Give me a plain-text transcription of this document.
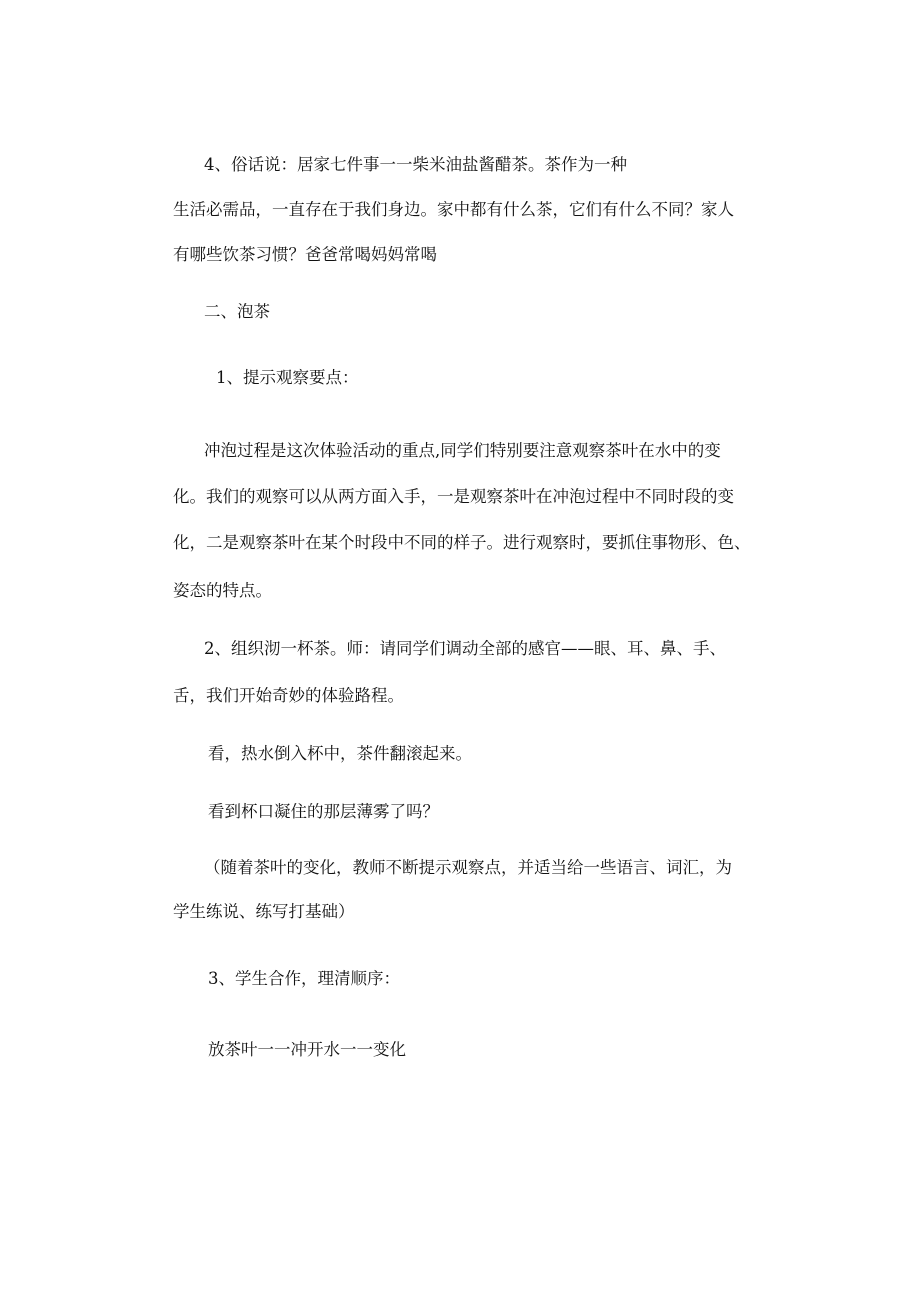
4、俗话说：居家七件事一一柴米油盐酱醋茶。茶作为一种
生活必需品，一直存在于我们身边。家中都有什么茶，它们有什么不同？家人
有哪些饮茶习惯？爸爸常喝妈妈常喝
二、泡茶
1、提示观察要点：
冲泡过程是这次体验活动的重点,同学们特别要注意观察茶叶在水中的变
化。我们的观察可以从两方面入手，一是观察茶叶在冲泡过程中不同时段的变
化，二是观察茶叶在某个时段中不同的样子。进行观察时，要抓住事物形、色、
姿态的特点。
2、组织沏一杯茶。师：请同学们调动全部的感官——眼、耳、鼻、手、
舌，我们开始奇妙的体验路程。
看，热水倒入杯中，茶件翻滚起来。
看到杯口凝住的那层薄雾了吗？
（随着茶叶的变化，教师不断提示观察点，并适当给一些语言、词汇，为
学生练说、练写打基础）
3、学生合作，理清顺序：
放茶叶一一冲开水一一变化
